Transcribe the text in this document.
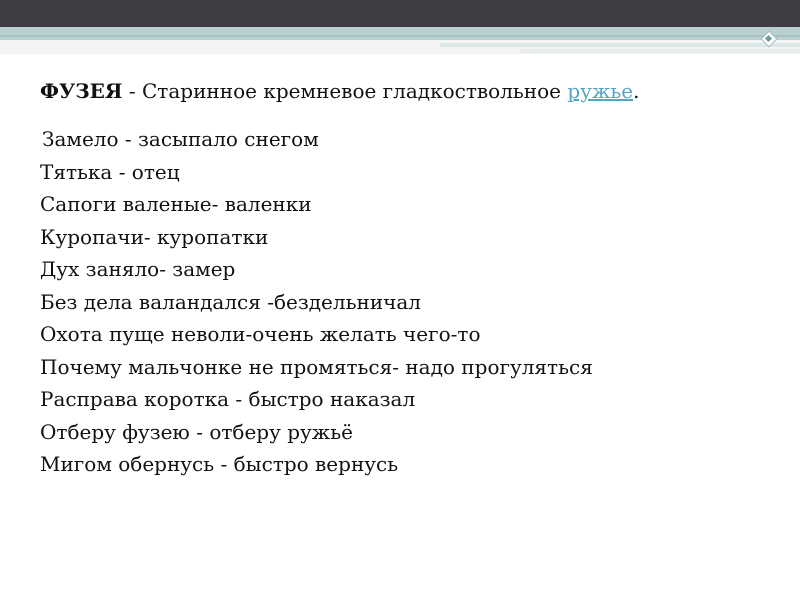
ФУЗЕЯ - Старинное кремневое гладкоствольное ружье.

Замело - засыпало снегом
Тятька - отец
Сапоги валеные- валенки
Куропачи- куропатки
Дух заняло- замер
Без дела валандался -бездельничал
Охота пуще неволи-очень желать чего-то
Почему мальчонке не промяться- надо прогуляться
Расправа коротка - быстро наказал
Отберу фузею - отберу ружьё
Мигом обернусь - быстро вернусь
